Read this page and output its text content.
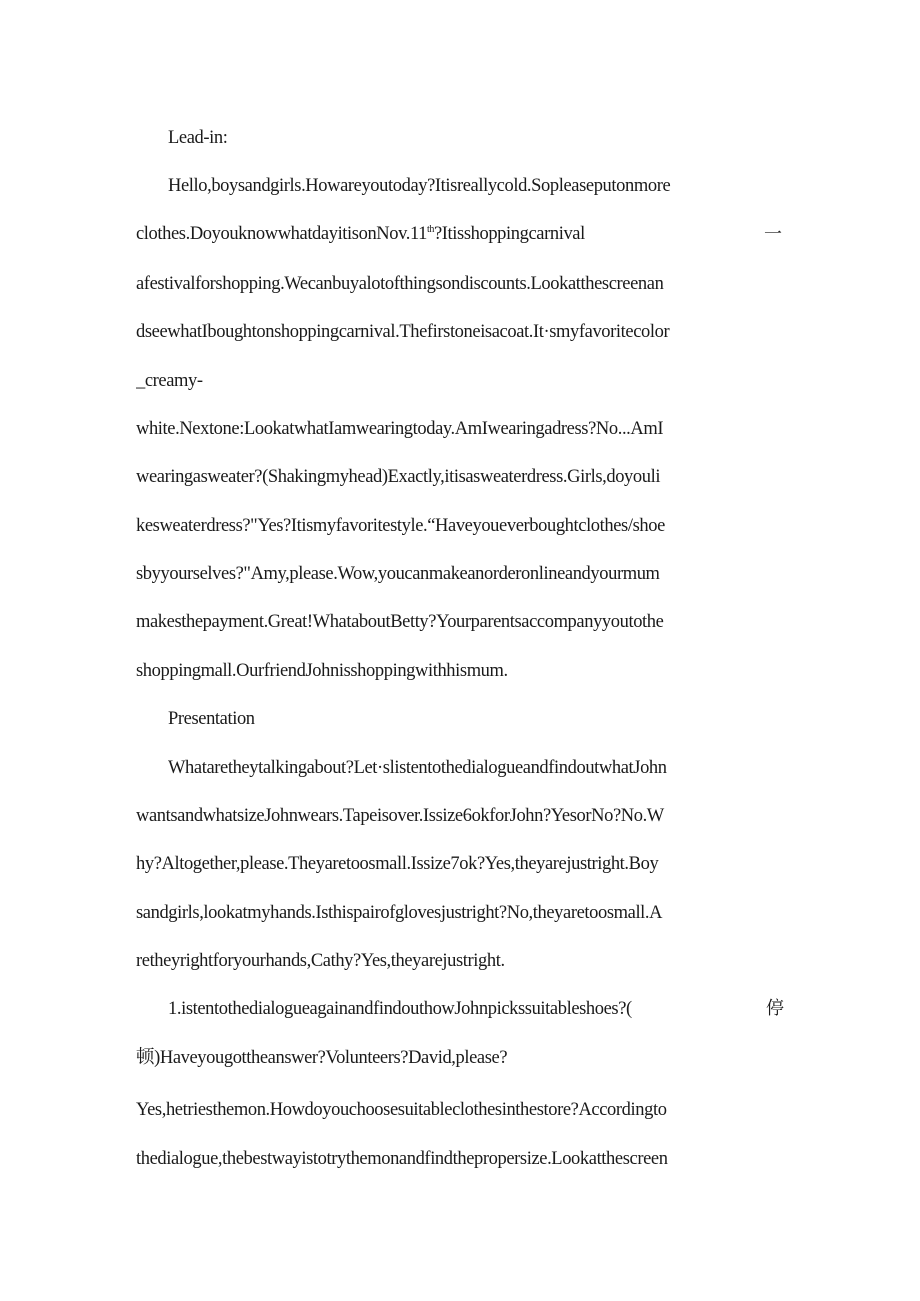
Lead-in:
Hello,boysandgirls.Howareyoutoday?Itisreallycold.Sopleaseputonmore
clothes.DoyouknowwhatdayitisonNov.11th?Itisshoppingcarnival	一
afestivalforshopping.Wecanbuyalotofthingsondiscounts.Lookatthescreenan
dseewhatIboughtonshoppingcarnival.Thefirstoneisacoat.It·smyfavoritecolor
_creamy-
white.Nextone:LookatwhatIamwearingtoday.AmIwearingadress?No...AmI
wearingasweater?(Shakingmyhead)Exactly,itisasweaterdress.Girls,doyouli
kesweaterdress?"Yes?Itismyfavoritestyle.“Haveyoueverboughtclothes/shoe
sbyyourselves?"Amy,please.Wow,youcanmakeanorderonlineandyourmum
makesthepayment.Great!WhataboutBetty?Yourparentsaccompanyyoutothe
shoppingmall.OurfriendJohnisshoppingwithhismum.
Presentation
Whataretheytalkingabout?Let·slistentothedialogueandfindoutwhatJohn
wantsandwhatsizeJohnwears.Tapeisover.Issize6okforJohn?YesorNo?No.W
hy?Altogether,please.Theyaretoosmall.Issize7ok?Yes,theyarejustright.Boy
sandgirls,lookatmyhands.Isthispairofglovesjustright?No,theyaretoosmall.A
retheyrightforyourhands,Cathy?Yes,theyarejustright.
1.istentothedialogueagainandfindouthowJohnpickssuitableshoes?(	停
顿)Haveyougottheanswer?Volunteers?David,please?
Yes,hetriesthemon.Howdoyouchoosesuitableclothesinthestore?Accordingto
thedialogue,thebestwayistotrythemonandfindthepropersize.Lookatthescreen
